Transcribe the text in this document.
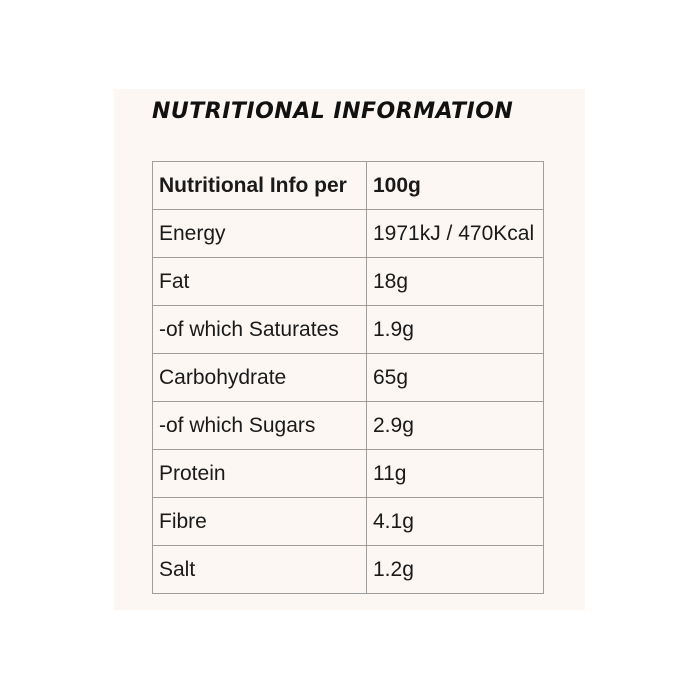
NUTRITIONAL INFORMATION
Nutritional Info per	100g
Energy	1971kJ / 470Kcal
Fat	18g
-of which Saturates	1.9g
Carbohydrate	65g
-of which Sugars	2.9g
Protein	11g
Fibre	4.1g
Salt	1.2g
